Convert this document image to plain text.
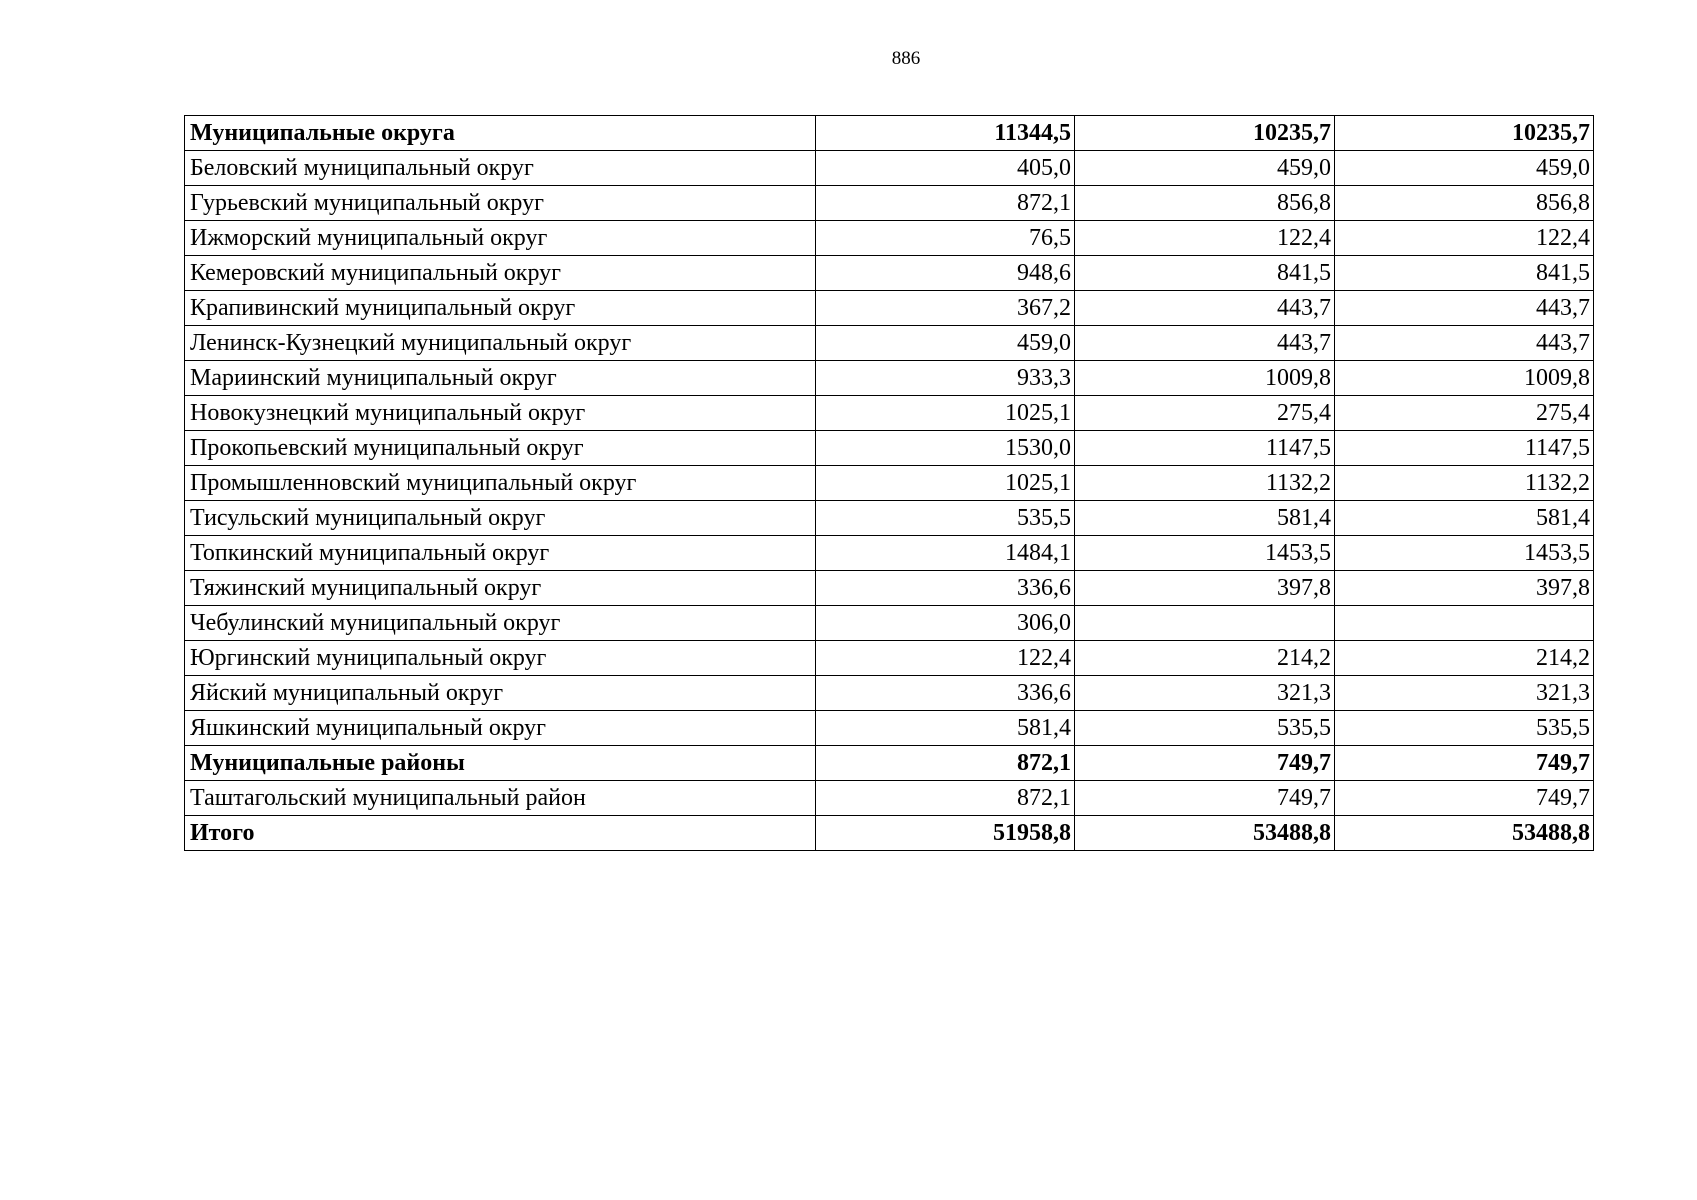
886
Муниципальные округа	11344,5	10235,7	10235,7
Беловский муниципальный округ	405,0	459,0	459,0
Гурьевский муниципальный округ	872,1	856,8	856,8
Ижморский муниципальный округ	76,5	122,4	122,4
Кемеровский муниципальный округ	948,6	841,5	841,5
Крапивинский муниципальный округ	367,2	443,7	443,7
Ленинск-Кузнецкий муниципальный округ	459,0	443,7	443,7
Мариинский муниципальный округ	933,3	1009,8	1009,8
Новокузнецкий муниципальный округ	1025,1	275,4	275,4
Прокопьевский муниципальный округ	1530,0	1147,5	1147,5
Промышленновский муниципальный округ	1025,1	1132,2	1132,2
Тисульский муниципальный округ	535,5	581,4	581,4
Топкинский муниципальный округ	1484,1	1453,5	1453,5
Тяжинский муниципальный округ	336,6	397,8	397,8
Чебулинский муниципальный округ	306,0		
Юргинский муниципальный округ	122,4	214,2	214,2
Яйский муниципальный округ	336,6	321,3	321,3
Яшкинский муниципальный округ	581,4	535,5	535,5
Муниципальные районы	872,1	749,7	749,7
Таштагольский муниципальный район	872,1	749,7	749,7
Итого	51958,8	53488,8	53488,8
